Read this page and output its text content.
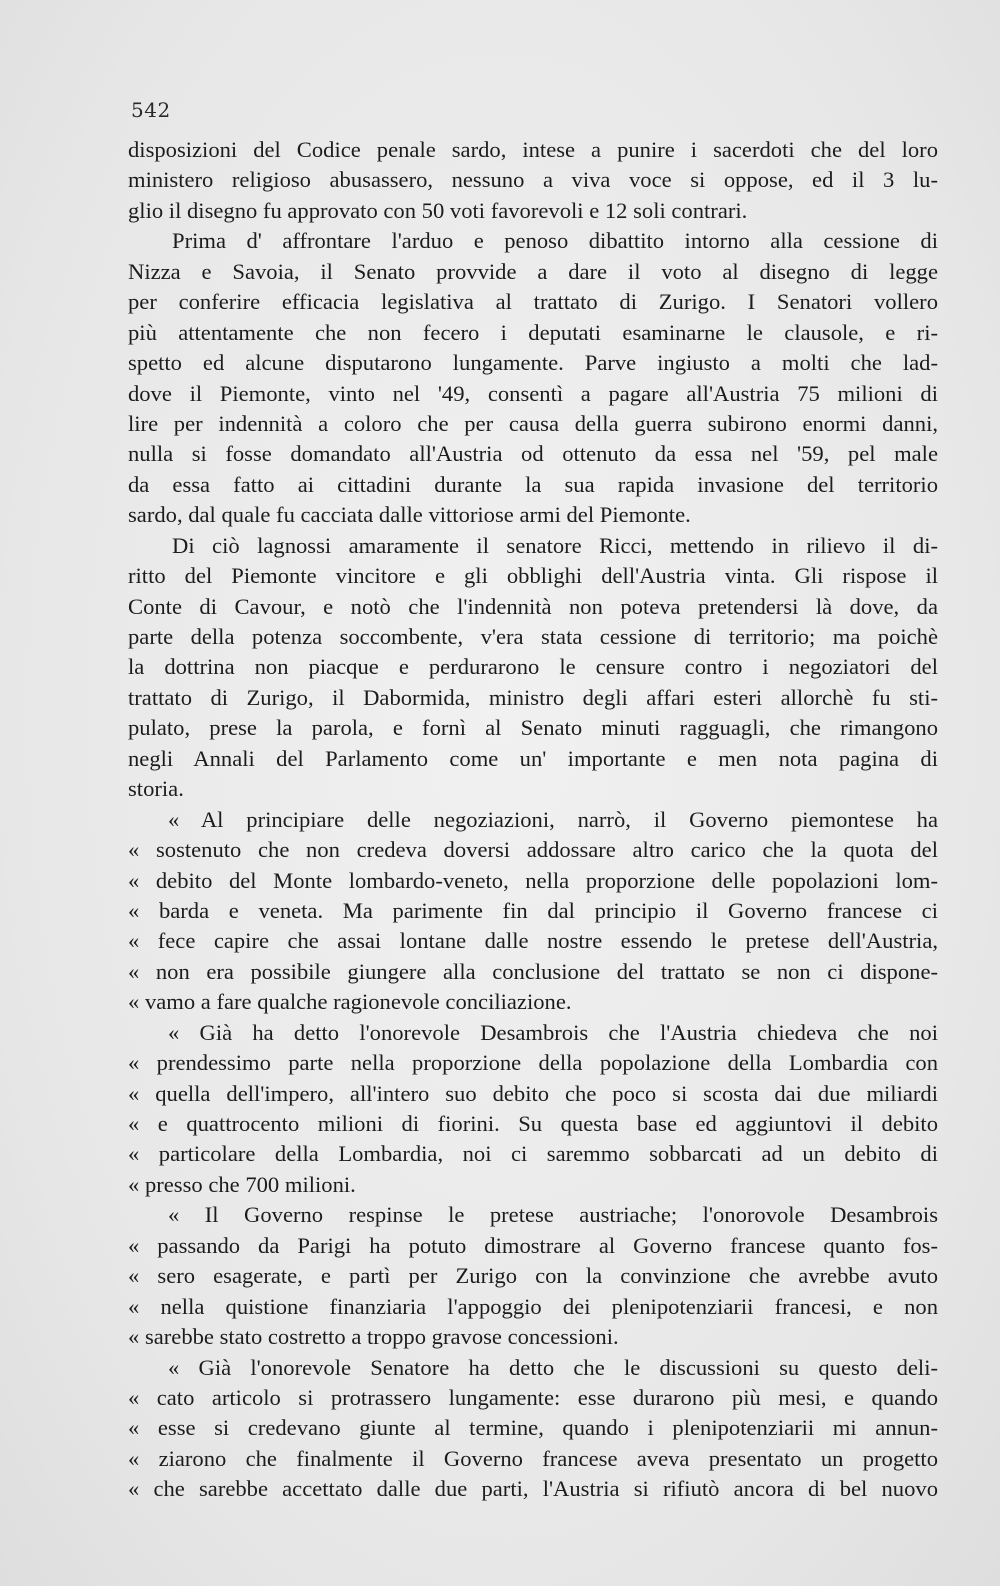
542
disposizioni del Codice penale sardo, intese a punire i sacerdoti che del loro
ministero religioso abusassero, nessuno a viva voce si oppose, ed il 3 lu-
glio il disegno fu approvato con 50 voti favorevoli e 12 soli contrari.
Prima d' affrontare l'arduo e penoso dibattito intorno alla cessione di
Nizza e Savoia, il Senato provvide a dare il voto al disegno di legge
per conferire efficacia legislativa al trattato di Zurigo. I Senatori vollero
più attentamente che non fecero i deputati esaminarne le clausole, e ri-
spetto ed alcune disputarono lungamente. Parve ingiusto a molti che lad-
dove il Piemonte, vinto nel '49, consentì a pagare all'Austria 75 milioni di
lire per indennità a coloro che per causa della guerra subirono enormi danni,
nulla si fosse domandato all'Austria od ottenuto da essa nel '59, pel male
da essa fatto ai cittadini durante la sua rapida invasione del territorio
sardo, dal quale fu cacciata dalle vittoriose armi del Piemonte.
Di ciò lagnossi amaramente il senatore Ricci, mettendo in rilievo il di-
ritto del Piemonte vincitore e gli obblighi dell'Austria vinta. Gli rispose il
Conte di Cavour, e notò che l'indennità non poteva pretendersi là dove, da
parte della potenza soccombente, v'era stata cessione di territorio; ma poichè
la dottrina non piacque e perdurarono le censure contro i negoziatori del
trattato di Zurigo, il Dabormida, ministro degli affari esteri allorchè fu sti-
pulato, prese la parola, e fornì al Senato minuti ragguagli, che rimangono
negli Annali del Parlamento come un' importante e men nota pagina di
storia.
« Al principiare delle negoziazioni, narrò, il Governo piemontese ha
« sostenuto che non credeva doversi addossare altro carico che la quota del
« debito del Monte lombardo-veneto, nella proporzione delle popolazioni lom-
« barda e veneta. Ma parimente fin dal principio il Governo francese ci
« fece capire che assai lontane dalle nostre essendo le pretese dell'Austria,
« non era possibile giungere alla conclusione del trattato se non ci dispone-
« vamo a fare qualche ragionevole conciliazione.
« Già ha detto l'onorevole Desambrois che l'Austria chiedeva che noi
« prendessimo parte nella proporzione della popolazione della Lombardia con
« quella dell'impero, all'intero suo debito che poco si scosta dai due miliardi
« e quattrocento milioni di fiorini. Su questa base ed aggiuntovi il debito
« particolare della Lombardia, noi ci saremmo sobbarcati ad un debito di
« presso che 700 milioni.
« Il Governo respinse le pretese austriache; l'onorovole Desambrois
« passando da Parigi ha potuto dimostrare al Governo francese quanto fos-
« sero esagerate, e partì per Zurigo con la convinzione che avrebbe avuto
« nella quistione finanziaria l'appoggio dei plenipotenziarii francesi, e non
« sarebbe stato costretto a troppo gravose concessioni.
« Già l'onorevole Senatore ha detto che le discussioni su questo deli-
« cato articolo si protrassero lungamente: esse durarono più mesi, e quando
« esse si credevano giunte al termine, quando i plenipotenziarii mi annun-
« ziarono che finalmente il Governo francese aveva presentato un progetto
« che sarebbe accettato dalle due parti, l'Austria si rifiutò ancora di bel nuovo
